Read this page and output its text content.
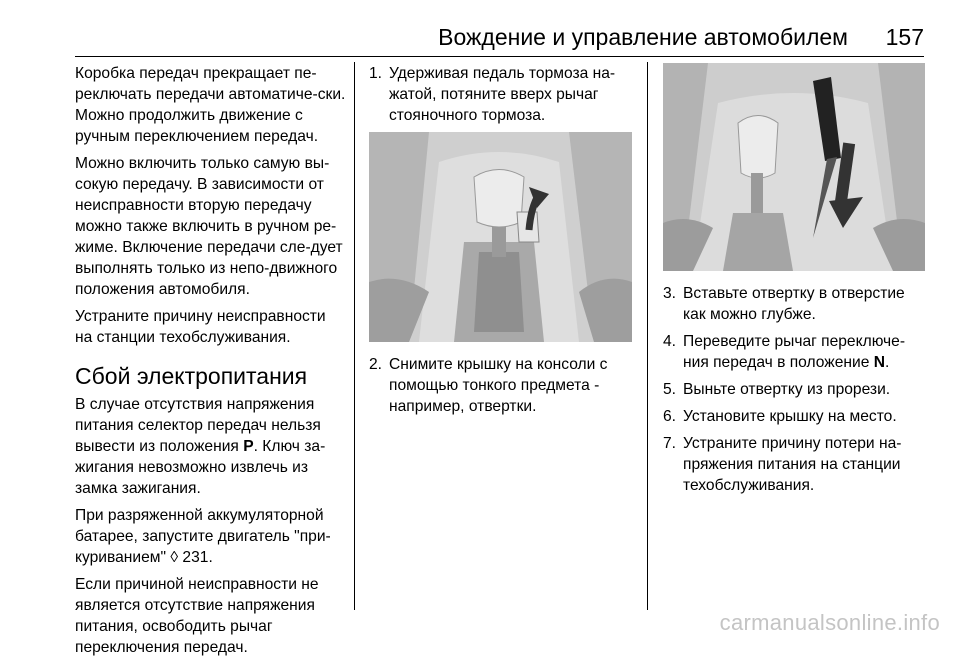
Вождение и управление автомобилем 157

Коробка передач прекращает пе-реключать передачи автоматиче-ски. Можно продолжить движение с ручным переключением передач.

Можно включить только самую вы-сокую передачу. В зависимости от неисправности вторую передачу можно также включить в ручном ре-жиме. Включение передачи сле-дует выполнять только из непо-движного положения автомобиля.

Устраните причину неисправности на станции техобслуживания.

Сбой электропитания

В случае отсутствия напряжения питания селектор передач нельзя вывести из положения P. Ключ за-жигания невозможно извлечь из замка зажигания.

При разряженной аккумуляторной батарее, запустите двигатель "при-куриванием" ◊ 231.

Если причиной неисправности не является отсутствие напряжения питания, освободить рычаг переключения передач.

1. Удерживая педаль тормоза на-жатой, потяните вверх рычаг стояночного тормоза.
2. Снимите крышку на консоли с помощью тонкого предмета - например, отвертки.
3. Вставьте отвертку в отверстие как можно глубже.
4. Переведите рычаг переключе-ния передач в положение N.
5. Выньте отвертку из прорези.
6. Установите крышку на место.
7. Устраните причину потери на-пряжения питания на станции техобслуживания.
carmanualsonline.info
